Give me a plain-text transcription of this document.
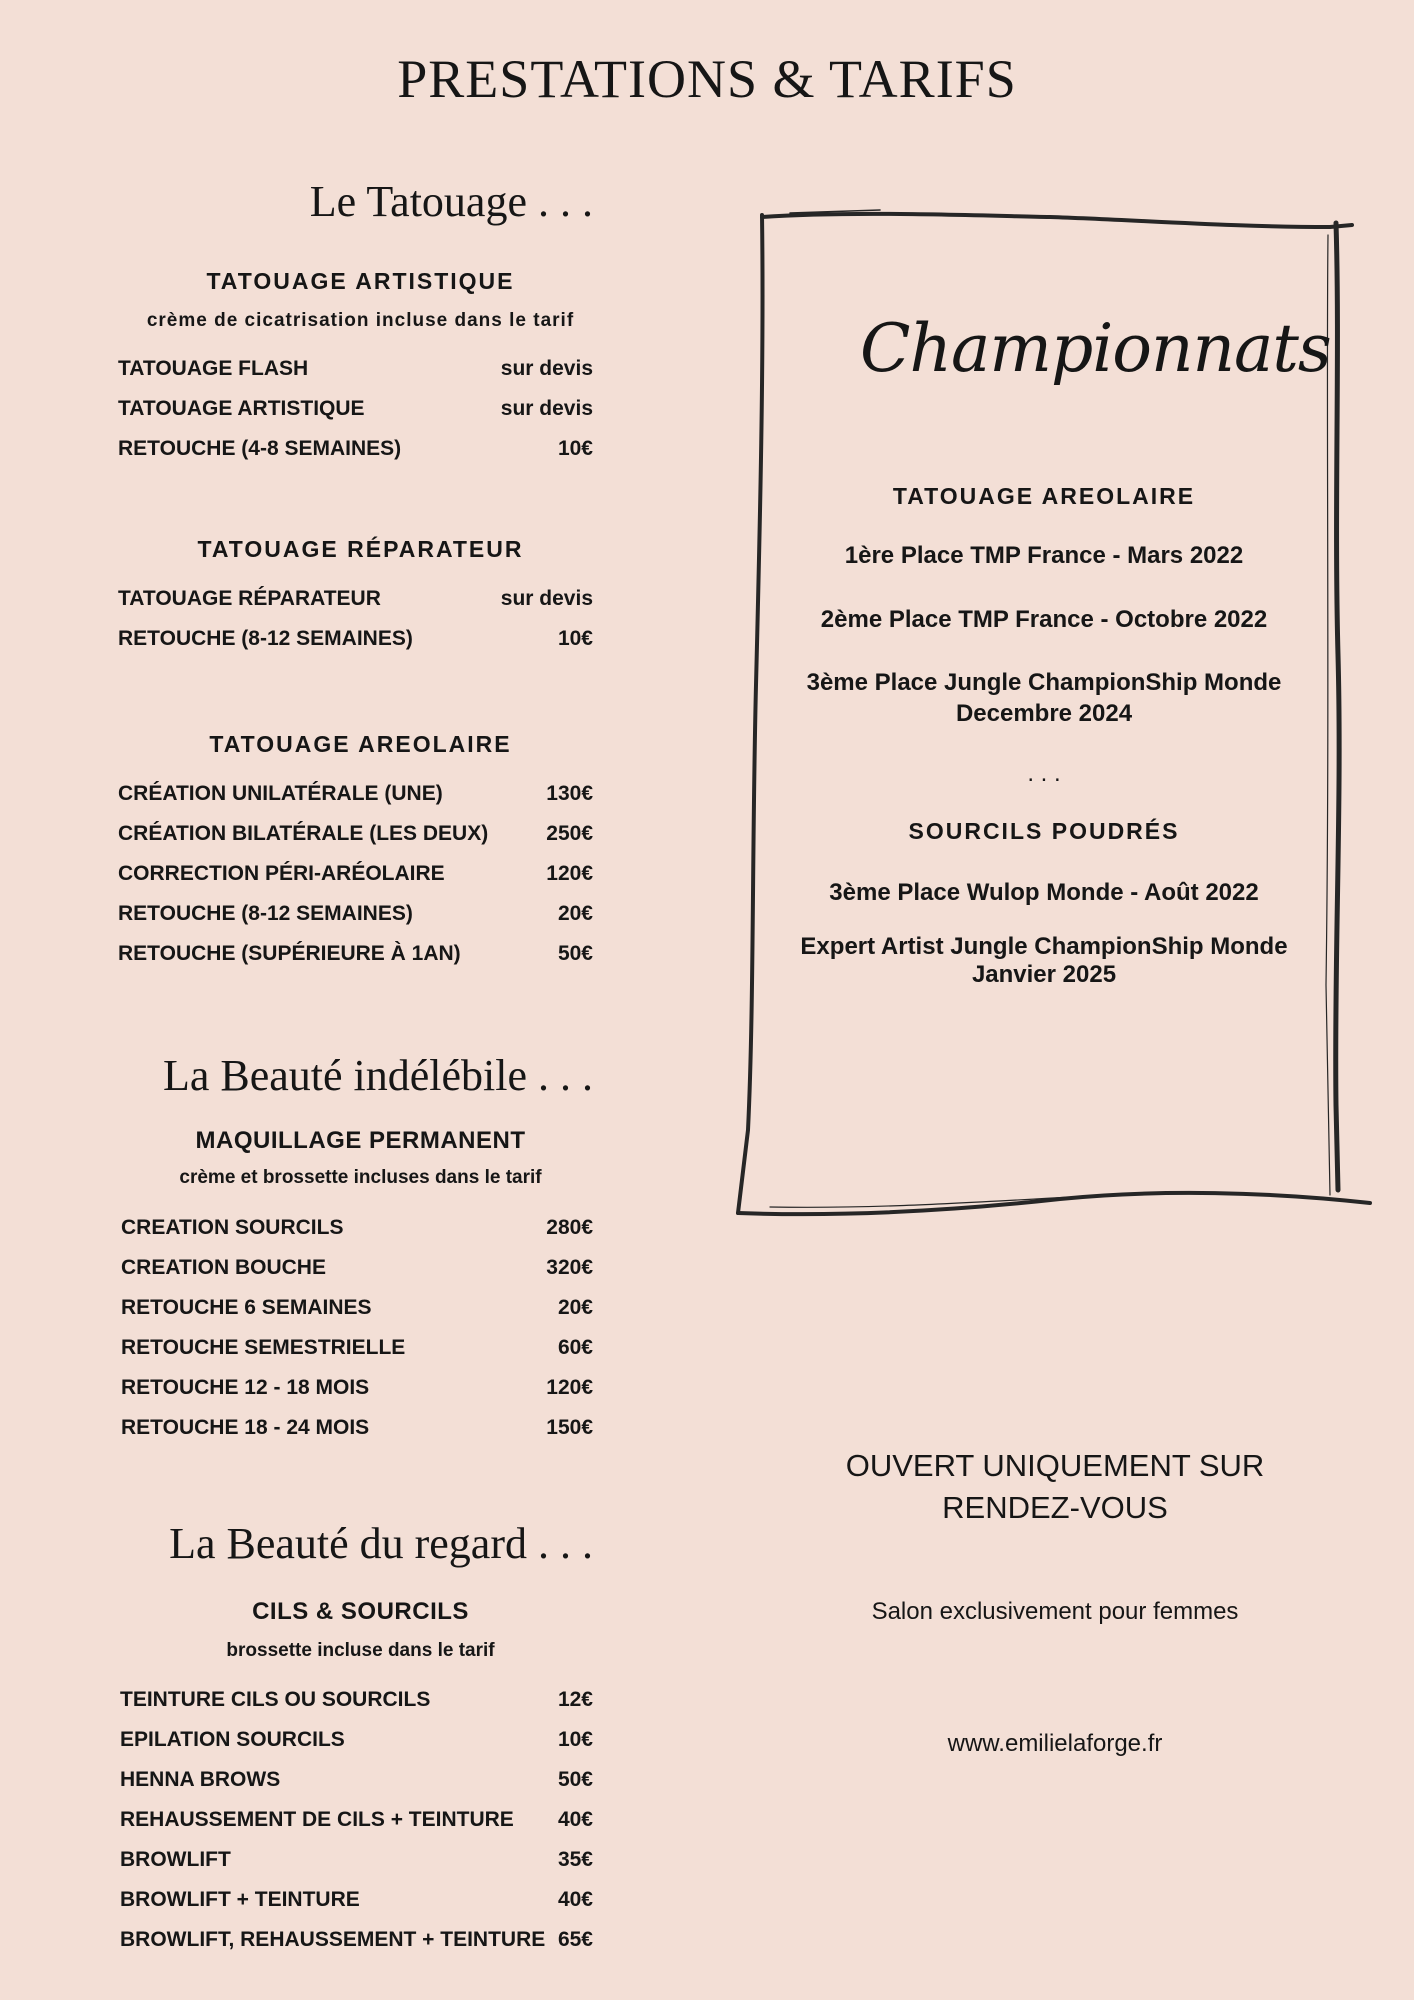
PRESTATIONS & TARIFS
Le Tatouage . . .
TATOUAGE ARTISTIQUE
crème de cicatrisation incluse dans le tarif
TATOUAGE FLASH	sur devis
TATOUAGE ARTISTIQUE	sur devis
RETOUCHE (4-8 SEMAINES)	10€
TATOUAGE RÉPARATEUR
TATOUAGE RÉPARATEUR	sur devis
RETOUCHE (8-12 SEMAINES)	10€
TATOUAGE AREOLAIRE
CRÉATION UNILATÉRALE (UNE)	130€
CRÉATION BILATÉRALE (LES DEUX)	250€
CORRECTION PÉRI-ARÉOLAIRE	120€
RETOUCHE (8-12 SEMAINES)	20€
RETOUCHE (SUPÉRIEURE À 1AN)	50€
La Beauté indélébile . . .
MAQUILLAGE PERMANENT
crème et brossette incluses dans le tarif
CREATION SOURCILS	280€
CREATION BOUCHE	320€
RETOUCHE 6 SEMAINES	20€
RETOUCHE SEMESTRIELLE	60€
RETOUCHE 12 - 18 MOIS	120€
RETOUCHE 18 - 24 MOIS	150€
La Beauté du regard . . .
CILS & SOURCILS
brossette incluse dans le tarif
TEINTURE CILS OU SOURCILS	12€
EPILATION SOURCILS	10€
HENNA BROWS	50€
REHAUSSEMENT DE CILS + TEINTURE 40€
BROWLIFT	35€
BROWLIFT + TEINTURE	40€
BROWLIFT, REHAUSSEMENT + TEINTURE 65€
Championnats
TATOUAGE AREOLAIRE
1ère Place TMP France - Mars 2022
2ème Place TMP France - Octobre 2022
3ème Place Jungle ChampionShip Monde
Decembre 2024
. . .
SOURCILS POUDRÉS
3ème Place Wulop Monde - Août 2022
Expert Artist Jungle ChampionShip Monde
Janvier 2025
OUVERT UNIQUEMENT SUR
RENDEZ-VOUS
Salon exclusivement pour femmes
www.emilielaforge.fr
